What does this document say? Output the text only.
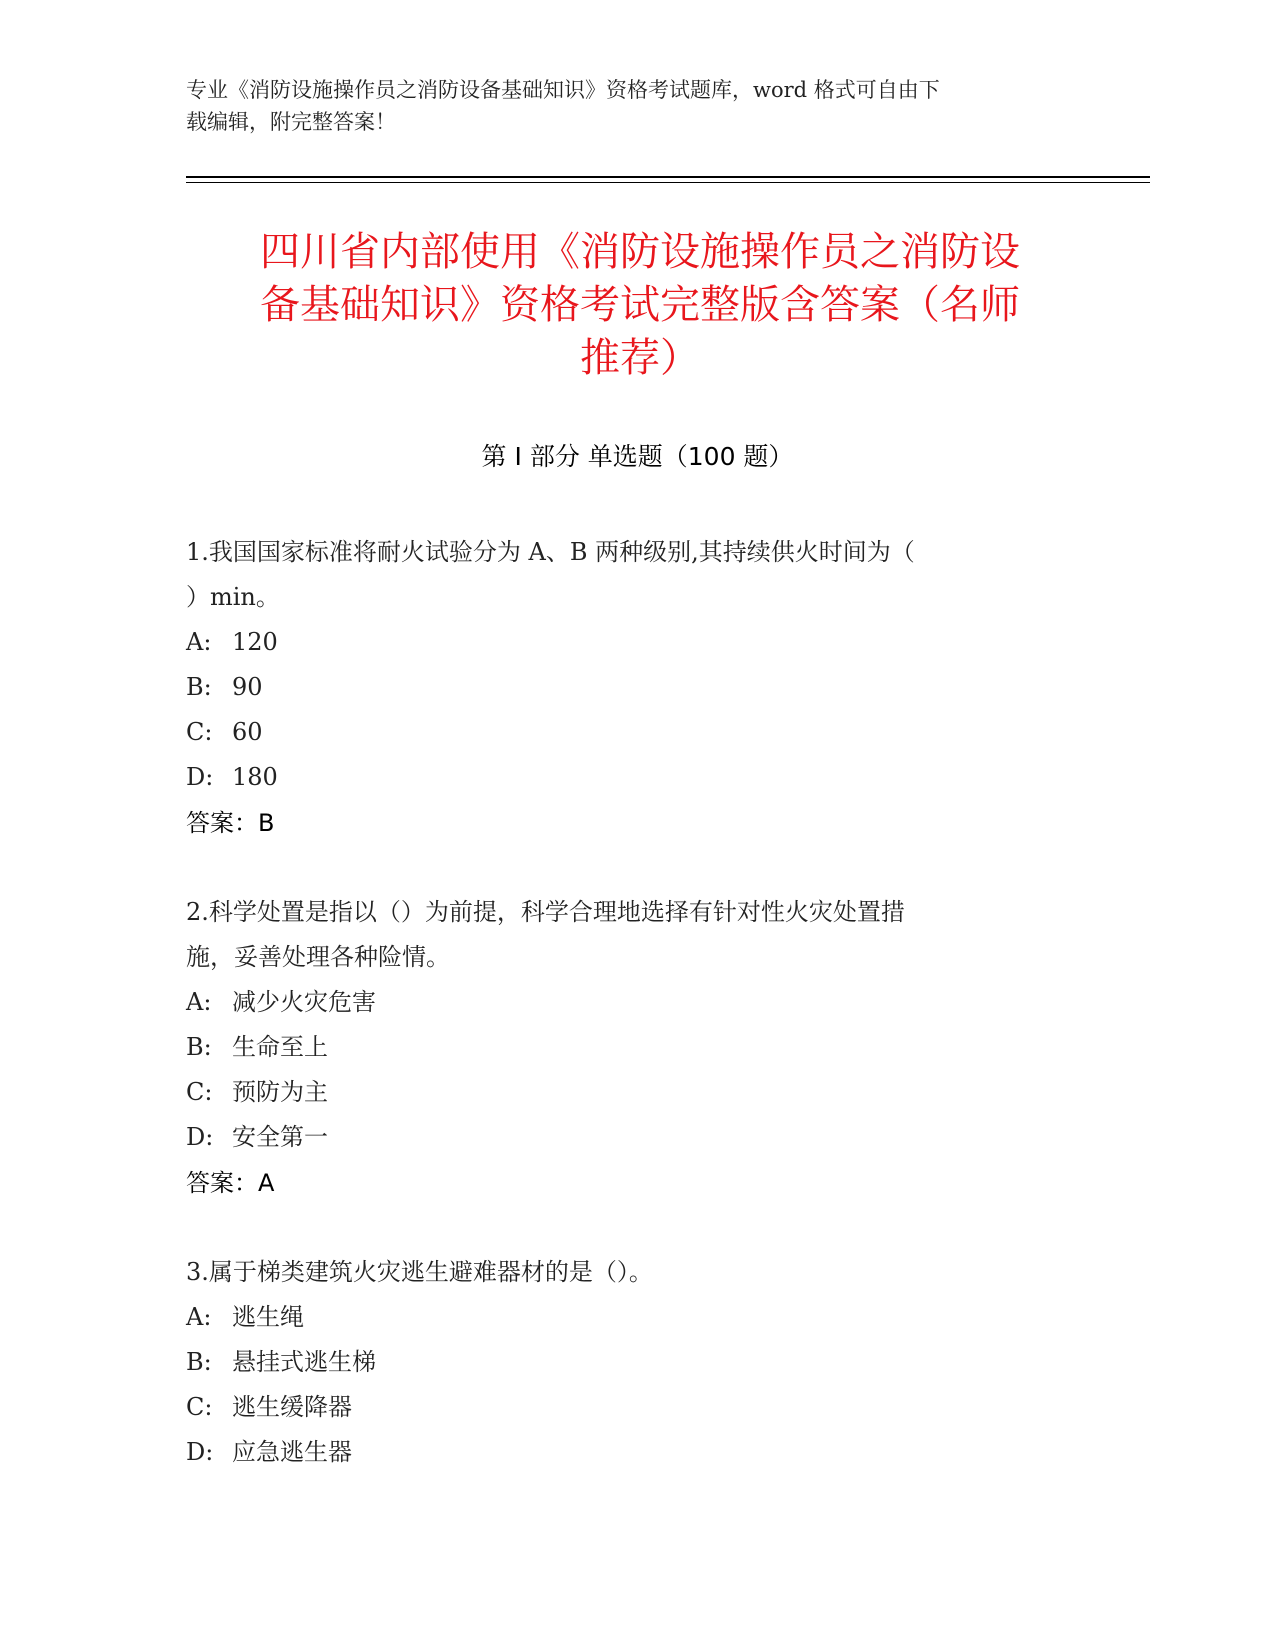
专业《消防设施操作员之消防设备基础知识》资格考试题库，word 格式可自由下
载编辑，附完整答案！
四川省内部使用《消防设施操作员之消防设
备基础知识》资格考试完整版含答案（名师
推荐）
第 I 部分 单选题（100 题）
1.我国国家标准将耐火试验分为 A、B 两种级别,其持续供火时间为（
）min。
A: 120
B: 90
C: 60
D: 180
答案：B
2.科学处置是指以（）为前提，科学合理地选择有针对性火灾处置措
施，妥善处理各种险情。
A: 减少火灾危害
B: 生命至上
C: 预防为主
D: 安全第一
答案：A
3.属于梯类建筑火灾逃生避难器材的是（）。
A: 逃生绳
B: 悬挂式逃生梯
C: 逃生缓降器
D: 应急逃生器
